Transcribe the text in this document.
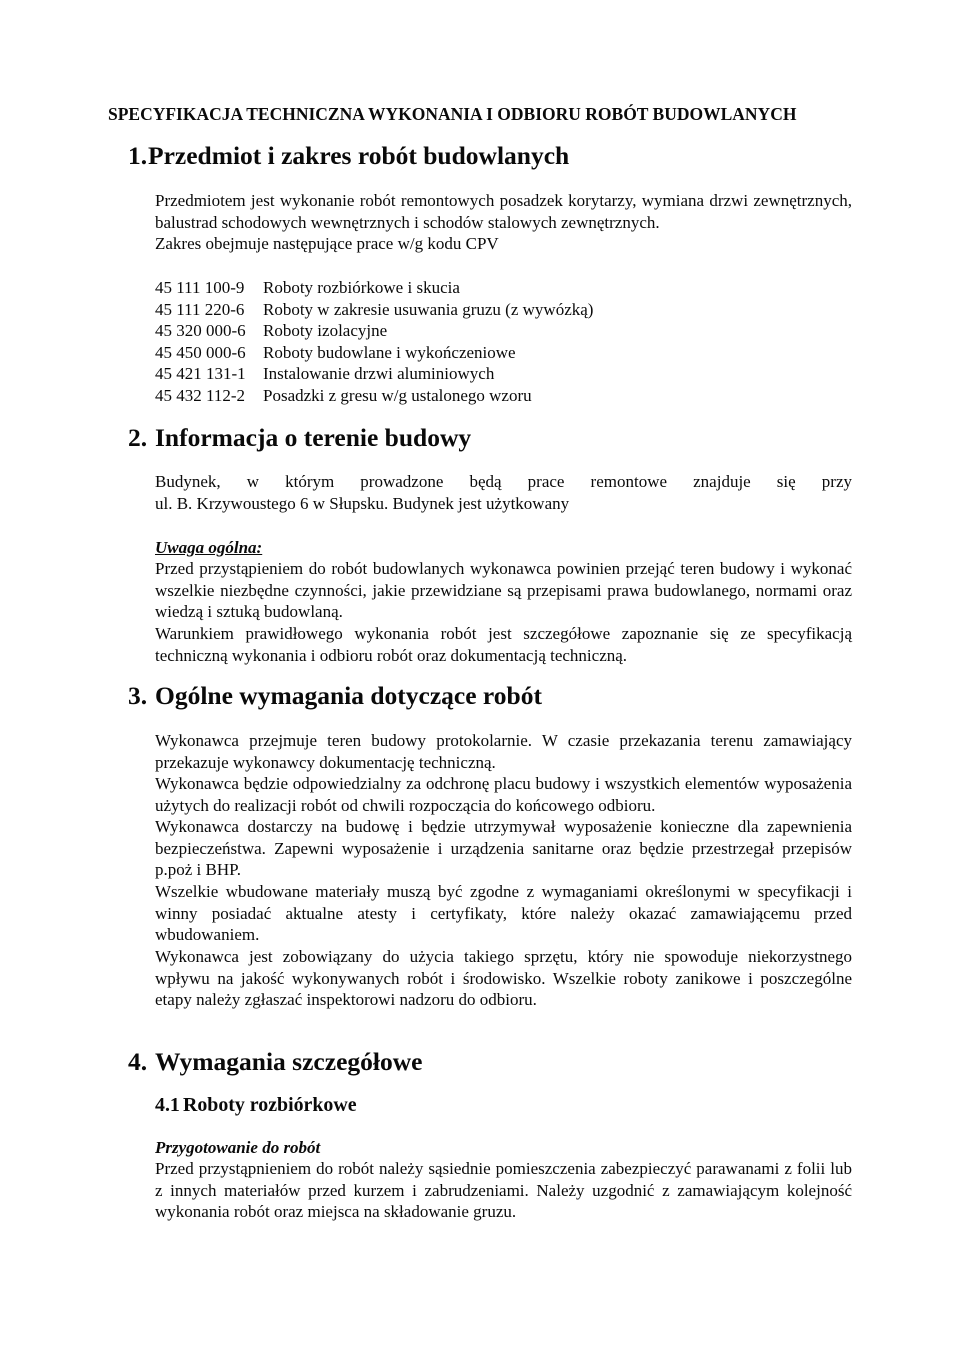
SPECYFIKACJA TECHNICZNA WYKONANIA I ODBIORU ROBÓT BUDOWLANYCH
1.Przedmiot i zakres robót budowlanych

Przedmiotem jest wykonanie robót remontowych posadzek korytarzy, wymiana drzwi zewnętrznych, balustrad schodowych wewnętrznych i schodów stalowych zewnętrznych.

Zakres obejmuje następujące prace w/g kodu CPV

45 111 100-9 Roboty rozbiórkowe i skucia
45 111 220-6 Roboty w zakresie usuwania gruzu (z wywózką)
45 320 000-6 Roboty izolacyjne
45 450 000-6 Roboty budowlane i wykończeniowe
45 421 131-1 Instalowanie drzwi aluminiowych
45 432 112-2 Posadzki z gresu w/g ustalonego wzoru
2. Informacja o terenie budowy

Budynek, w którym prowadzone będą prace remontowe znajduje się przy

ul. B. Krzywoustego 6 w Słupsku. Budynek jest użytkowany

Uwaga ogólna:

Przed przystąpieniem do robót budowlanych wykonawca powinien przejąć teren budowy i wykonać wszelkie niezbędne czynności, jakie przewidziane są przepisami prawa budowlanego, normami oraz wiedzą i sztuką budowlaną.

Warunkiem prawidłowego wykonania robót jest szczegółowe zapoznanie się ze specyfikacją techniczną wykonania i odbioru robót oraz dokumentacją techniczną.

3. Ogólne wymagania dotyczące robót

Wykonawca przejmuje teren budowy protokolarnie. W czasie przekazania terenu zamawiający przekazuje wykonawcy dokumentację techniczną.

Wykonawca będzie odpowiedzialny za odchronę placu budowy i wszystkich elementów wyposażenia użytych do realizacji robót od chwili rozpoczącia do końcowego odbioru.

Wykonawca dostarczy na budowę i będzie utrzymywał wyposażenie konieczne dla zapewnienia bezpieczeństwa. Zapewni wyposażenie i urządzenia sanitarne oraz będzie przestrzegał przepisów p.poż i BHP.

Wszelkie wbudowane materiały muszą być zgodne z wymaganiami określonymi w specyfikacji i winny posiadać aktualne atesty i certyfikaty, które należy okazać zamawiającemu przed wbudowaniem.

Wykonawca jest zobowiązany do użycia takiego sprzętu, który nie spowoduje niekorzystnego wpływu na jakość wykonywanych robót i środowisko. Wszelkie roboty zanikowe i poszczególne etapy należy zgłaszać inspektorowi nadzoru do odbioru.

4. Wymagania szczegółowe
4.1 Roboty rozbiórkowe

Przygotowanie do robót

Przed przystąpnieniem do robót należy sąsiednie pomieszczenia zabezpieczyć parawanami z folii lub z innych materiałów przed kurzem i zabrudzeniami. Należy uzgodnić z zamawiającym kolejność wykonania robót oraz miejsca na składowanie gruzu.
